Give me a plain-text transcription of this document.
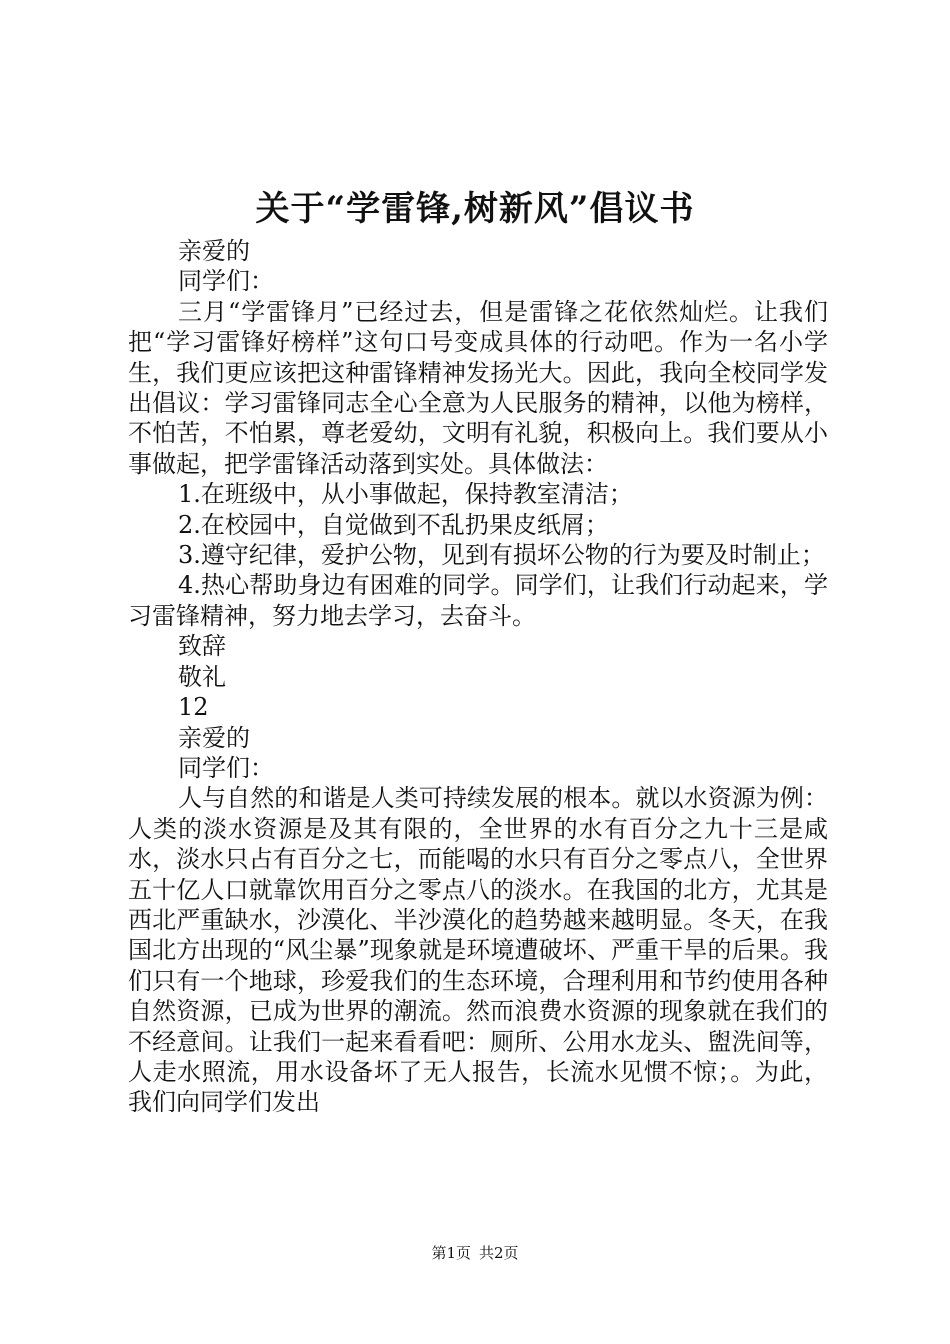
关于“学雷锋,树新风”倡议书

亲爱的

同学们：

三月“学雷锋月”已经过去，但是雷锋之花依然灿烂。让我们把“学习雷锋好榜样”这句口号变成具体的行动吧。作为一名小学生，我们更应该把这种雷锋精神发扬光大。因此，我向全校同学发出倡议：学习雷锋同志全心全意为人民服务的精神，以他为榜样，不怕苦，不怕累，尊老爱幼，文明有礼貌，积极向上。我们要从小事做起，把学雷锋活动落到实处。具体做法：

1.在班级中，从小事做起，保持教室清洁；

2.在校园中，自觉做到不乱扔果皮纸屑；

3.遵守纪律，爱护公物，见到有损坏公物的行为要及时制止；

4.热心帮助身边有困难的同学。同学们，让我们行动起来，学习雷锋精神，努力地去学习，去奋斗。

致辞

敬礼

12

亲爱的

同学们：

人与自然的和谐是人类可持续发展的根本。就以水资源为例：人类的淡水资源是及其有限的，全世界的水有百分之九十三是咸水，淡水只占有百分之七，而能喝的水只有百分之零点八，全世界五十亿人口就靠饮用百分之零点八的淡水。在我国的北方，尤其是西北严重缺水，沙漠化、半沙漠化的趋势越来越明显。冬天，在我国北方出现的“风尘暴”现象就是环境遭破坏、严重干旱的后果。我们只有一个地球，珍爱我们的生态环境，合理利用和节约使用各种自然资源，已成为世界的潮流。然而浪费水资源的现象就在我们的不经意间。让我们一起来看看吧：厕所、公用水龙头、盥洗间等，人走水照流，用水设备坏了无人报告，长流水见惯不惊；。为此，我们向同学们发出

第1页 共2页
